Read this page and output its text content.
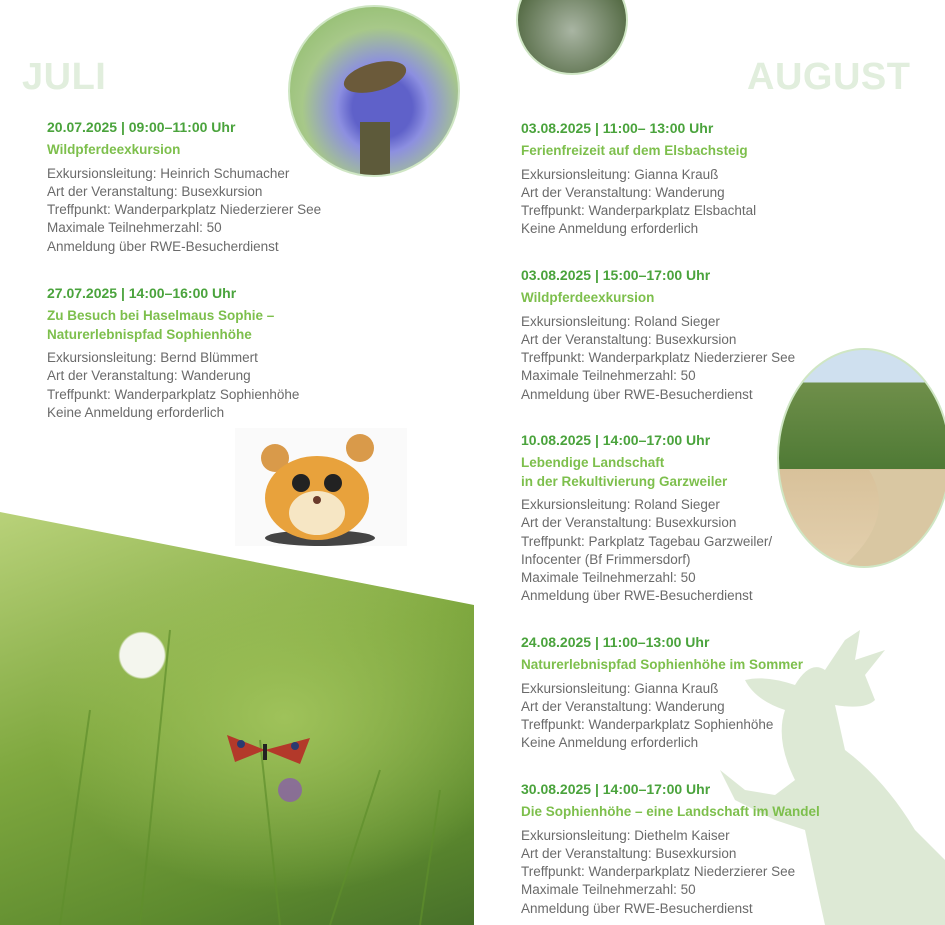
JULI	AUGUST
20.07.2025 | 09:00–11:00 Uhr
Wildpferdeexkursion
Exkursionsleitung: Heinrich Schumacher
Art der Veranstaltung: Busexkursion
Treffpunkt: Wanderparkplatz Niederzierer See
Maximale Teilnehmerzahl: 50
Anmeldung über RWE-Besucherdienst
27.07.2025 | 14:00–16:00 Uhr
Zu Besuch bei Haselmaus Sophie –
Naturerlebnispfad Sophienhöhe
Exkursionsleitung: Bernd Blümmert
Art der Veranstaltung: Wanderung
Treffpunkt: Wanderparkplatz Sophienhöhe
Keine Anmeldung erforderlich
03.08.2025 | 11:00– 13:00 Uhr
Ferienfreizeit auf dem Elsbachsteig
Exkursionsleitung: Gianna Krauß
Art der Veranstaltung: Wanderung
Treffpunkt: Wanderparkplatz Elsbachtal
Keine Anmeldung erforderlich
03.08.2025 | 15:00–17:00 Uhr
Wildpferdeexkursion
Exkursionsleitung: Roland Sieger
Art der Veranstaltung: Busexkursion
Treffpunkt: Wanderparkplatz Niederzierer See
Maximale Teilnehmerzahl: 50
Anmeldung über RWE-Besucherdienst
10.08.2025 | 14:00–17:00 Uhr
Lebendige Landschaft
in der Rekultivierung Garzweiler
Exkursionsleitung: Roland Sieger
Art der Veranstaltung: Busexkursion
Treffpunkt: Parkplatz Tagebau Garzweiler/
Infocenter (Bf Frimmersdorf)
Maximale Teilnehmerzahl: 50
Anmeldung über RWE-Besucherdienst
24.08.2025 | 11:00–13:00 Uhr
Naturerlebnispfad Sophienhöhe im Sommer
Exkursionsleitung: Gianna Krauß
Art der Veranstaltung: Wanderung
Treffpunkt: Wanderparkplatz Sophienhöhe
Keine Anmeldung erforderlich
30.08.2025 | 14:00–17:00 Uhr
Die Sophienhöhe – eine Landschaft im Wandel
Exkursionsleitung: Diethelm Kaiser
Art der Veranstaltung: Busexkursion
Treffpunkt: Wanderparkplatz Niederzierer See
Maximale Teilnehmerzahl: 50
Anmeldung über RWE-Besucherdienst
